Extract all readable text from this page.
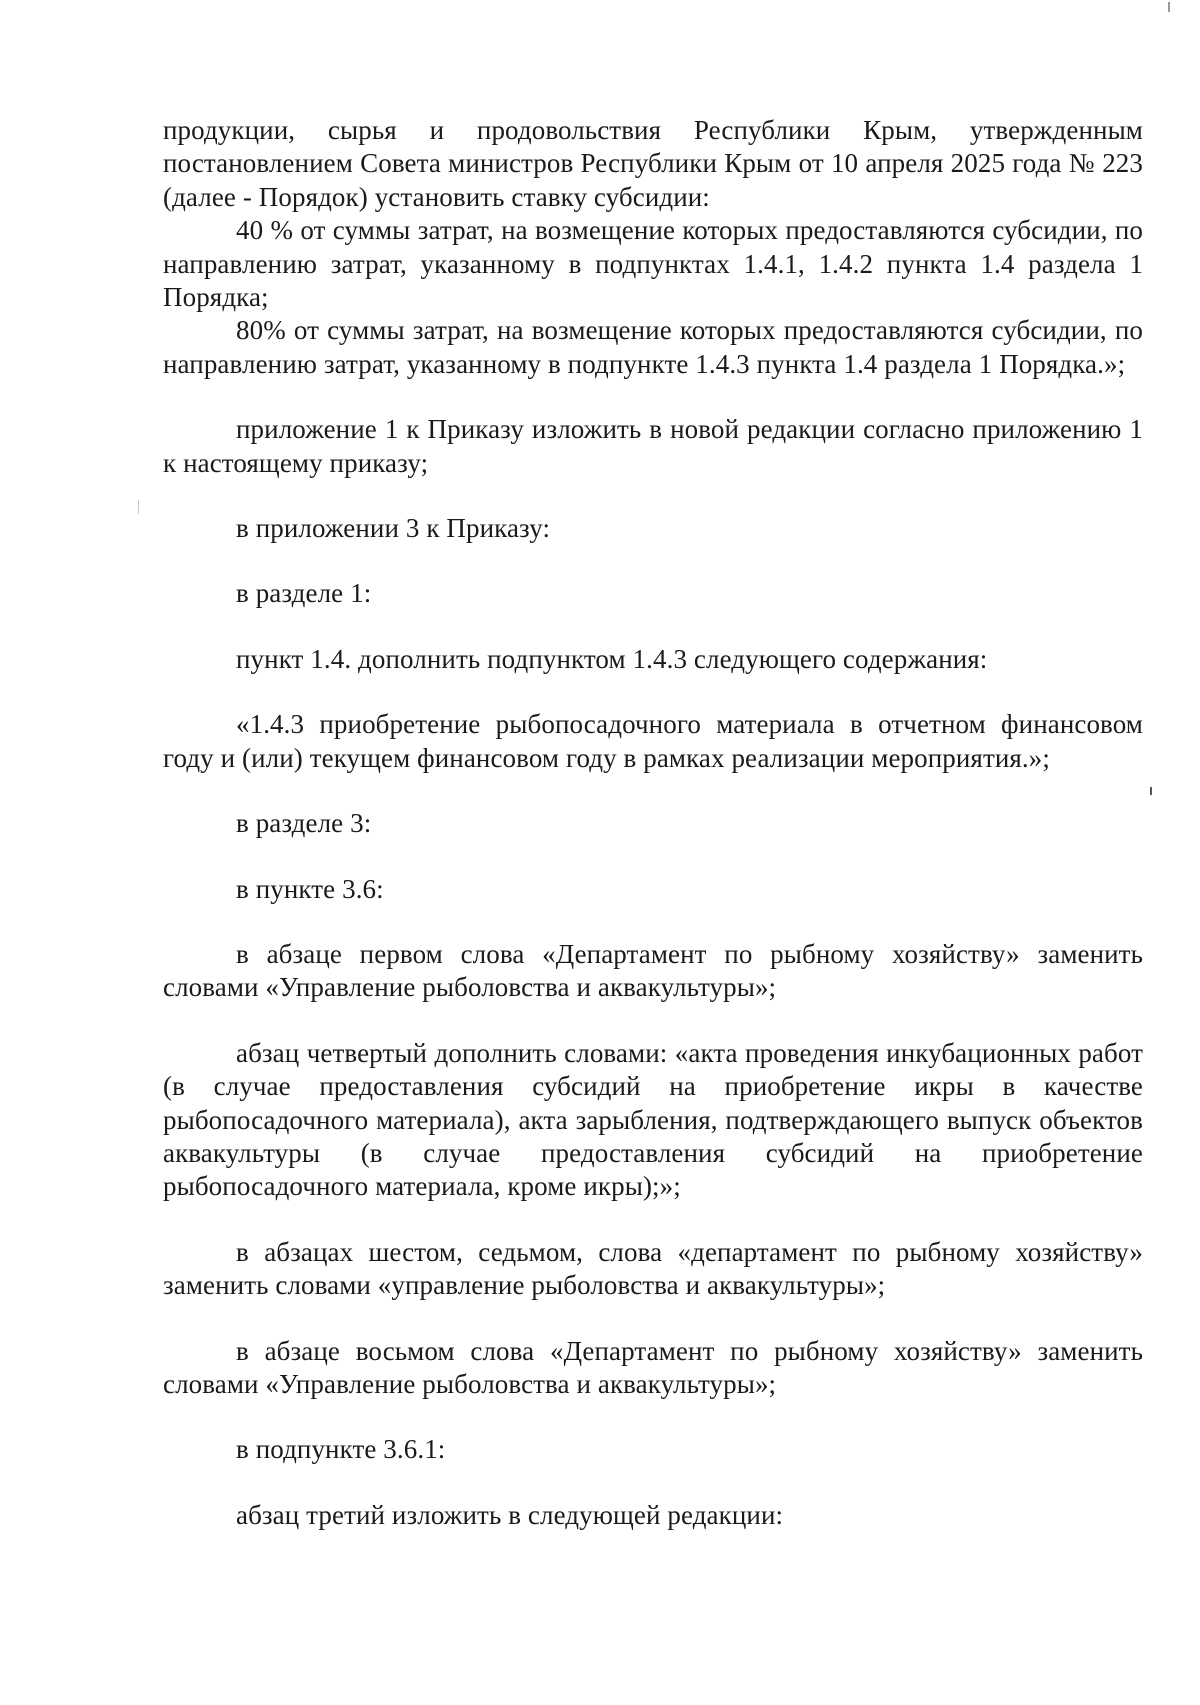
продукции, сырья и продовольствия Республики Крым, утвержденным постановлением Совета министров Республики Крым от 10 апреля 2025 года № 223 (далее - Порядок) установить ставку субсидии:

40 % от суммы затрат, на возмещение которых предоставляются субсидии, по направлению затрат, указанному в подпунктах 1.4.1, 1.4.2 пункта 1.4 раздела 1 Порядка;

80% от суммы затрат, на возмещение которых предоставляются субсидии, по направлению затрат, указанному в подпункте 1.4.3 пункта 1.4 раздела 1 Порядка.»;

приложение 1 к Приказу изложить в новой редакции согласно приложению 1 к настоящему приказу;

в приложении 3 к Приказу:

в разделе 1:

пункт 1.4. дополнить подпунктом 1.4.3 следующего содержания:

«1.4.3 приобретение рыбопосадочного материала в отчетном финансовом году и (или) текущем финансовом году в рамках реализации мероприятия.»;

в разделе 3:

в пункте 3.6:

в абзаце первом слова «Департамент по рыбному хозяйству» заменить словами «Управление рыболовства и аквакультуры»;

абзац четвертый дополнить словами: «акта проведения инкубационных работ (в случае предоставления субсидий на приобретение икры в качестве рыбопосадочного материала), акта зарыбления, подтверждающего выпуск объектов аквакультуры (в случае предоставления субсидий на приобретение рыбопосадочного материала, кроме икры);»;

в абзацах шестом, седьмом, слова «департамент по рыбному хозяйству» заменить словами «управление рыболовства и аквакультуры»;

в абзаце восьмом слова «Департамент по рыбному хозяйству» заменить словами «Управление рыболовства и аквакультуры»;

в подпункте 3.6.1:

абзац третий изложить в следующей редакции:
